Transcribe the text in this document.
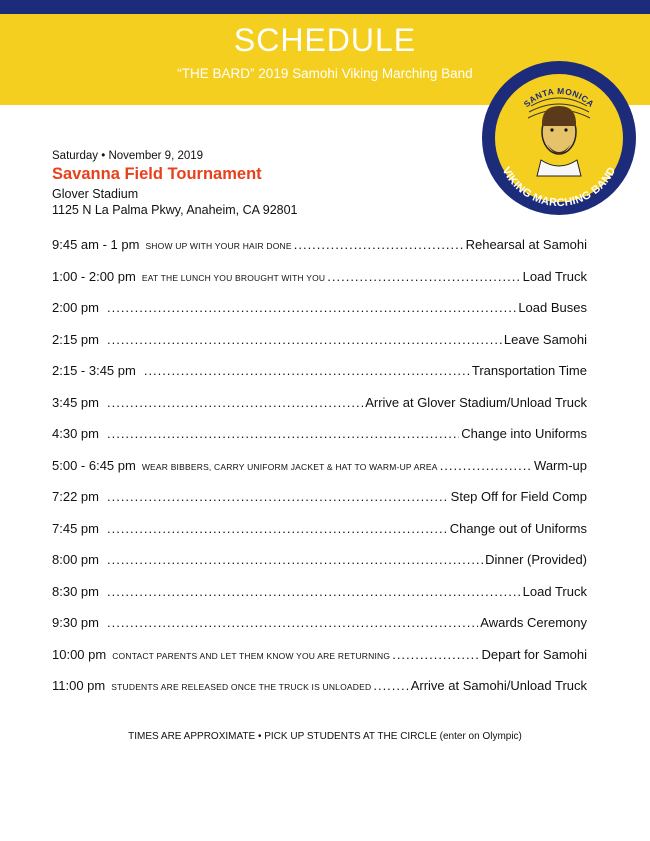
SCHEDULE
“THE BARD” 2019 Samohi Viking Marching Band
SANTA MONICA
VIKING MARCHING BAND
Saturday • November 9, 2019
Savanna Field Tournament
Glover Stadium
1125 N La Palma Pkwy, Anaheim, CA 92801
9:45 am - 1 pm SHOW UP WITH YOUR HAIR DONE .....	Rehearsal at Samohi
1:00 - 2:00 pm EAT THE LUNCH YOU BROUGHT WITH YOU .....	Load Truck
2:00 pm .....	Load Buses
2:15 pm .....	Leave Samohi
2:15 - 3:45 pm .....	Transportation Time
3:45 pm .....	Arrive at Glover Stadium/Unload Truck
4:30 pm .....	Change into Uniforms
5:00 - 6:45 pm WEAR BIBBERS, CARRY UNIFORM JACKET & HAT TO WARM-UP AREA .....	Warm-up
7:22 pm .....	Step Off for Field Comp
7:45 pm .....	Change out of Uniforms
8:00 pm .....	Dinner (Provided)
8:30 pm .....	Load Truck
9:30 pm .....	Awards Ceremony
10:00 pm CONTACT PARENTS AND LET THEM KNOW YOU ARE RETURNING .....	Depart for Samohi
11:00 pm STUDENTS ARE RELEASED ONCE THE TRUCK IS UNLOADED .....	Arrive at Samohi/Unload Truck
TIMES ARE APPROXIMATE • PICK UP STUDENTS AT THE CIRCLE (enter on Olympic)
